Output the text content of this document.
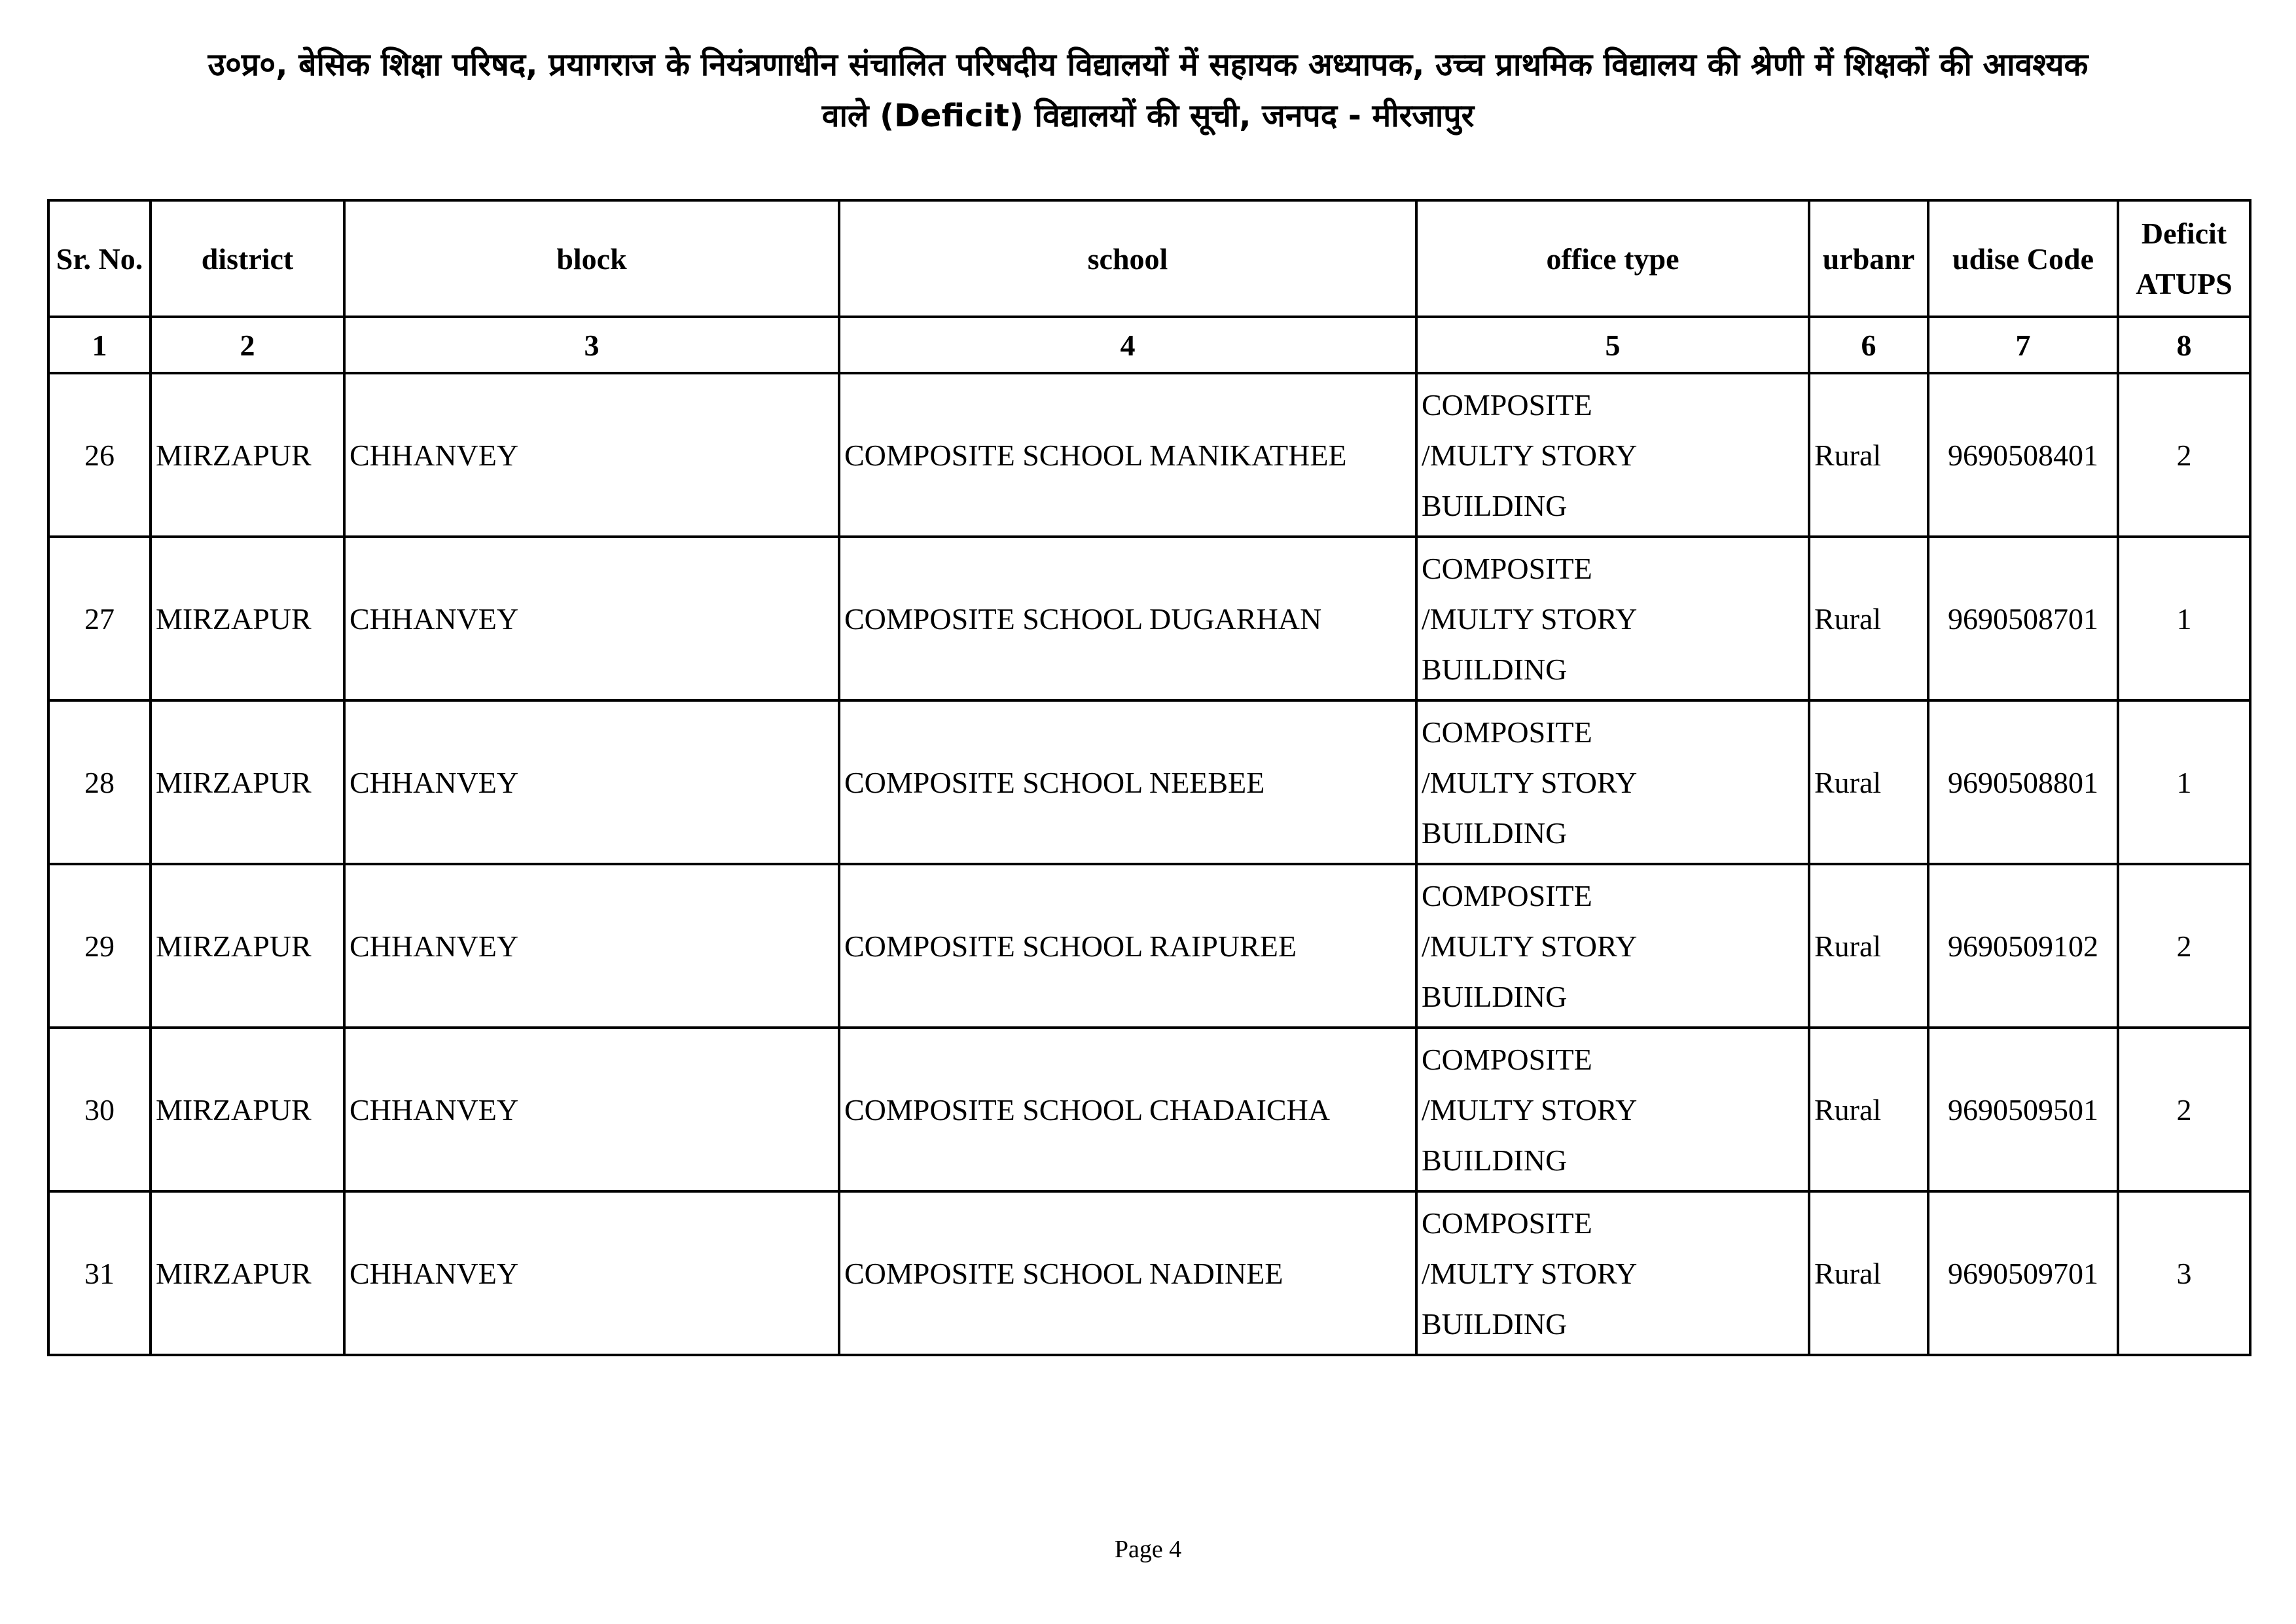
उ०प्र०, बेसिक शिक्षा परिषद, प्रयागराज के नियंत्रणाधीन संचालित परिषदीय विद्यालयों में सहायक अध्यापक, उच्च प्राथमिक विद्यालय की श्रेणी में शिक्षकों की आवश्यक
वाले (Deficit) विद्यालयों की सूची, जनपद - मीरजापुर
Sr. No.	district	block	school	office type	urbanr	udise Code	Deficit ATUPS
1	2	3	4	5	6	7	8
26	MIRZAPUR	CHHANVEY	COMPOSITE SCHOOL MANIKATHEE	COMPOSITE
/MULTY STORY
BUILDING	Rural	9690508401	2
27	MIRZAPUR	CHHANVEY	COMPOSITE SCHOOL DUGARHAN	COMPOSITE
/MULTY STORY
BUILDING	Rural	9690508701	1
28	MIRZAPUR	CHHANVEY	COMPOSITE SCHOOL NEEBEE	COMPOSITE
/MULTY STORY
BUILDING	Rural	9690508801	1
29	MIRZAPUR	CHHANVEY	COMPOSITE SCHOOL RAIPUREE	COMPOSITE
/MULTY STORY
BUILDING	Rural	9690509102	2
30	MIRZAPUR	CHHANVEY	COMPOSITE SCHOOL CHADAICHA	COMPOSITE
/MULTY STORY
BUILDING	Rural	9690509501	2
31	MIRZAPUR	CHHANVEY	COMPOSITE SCHOOL NADINEE	COMPOSITE
/MULTY STORY
BUILDING	Rural	9690509701	3
Page 4
